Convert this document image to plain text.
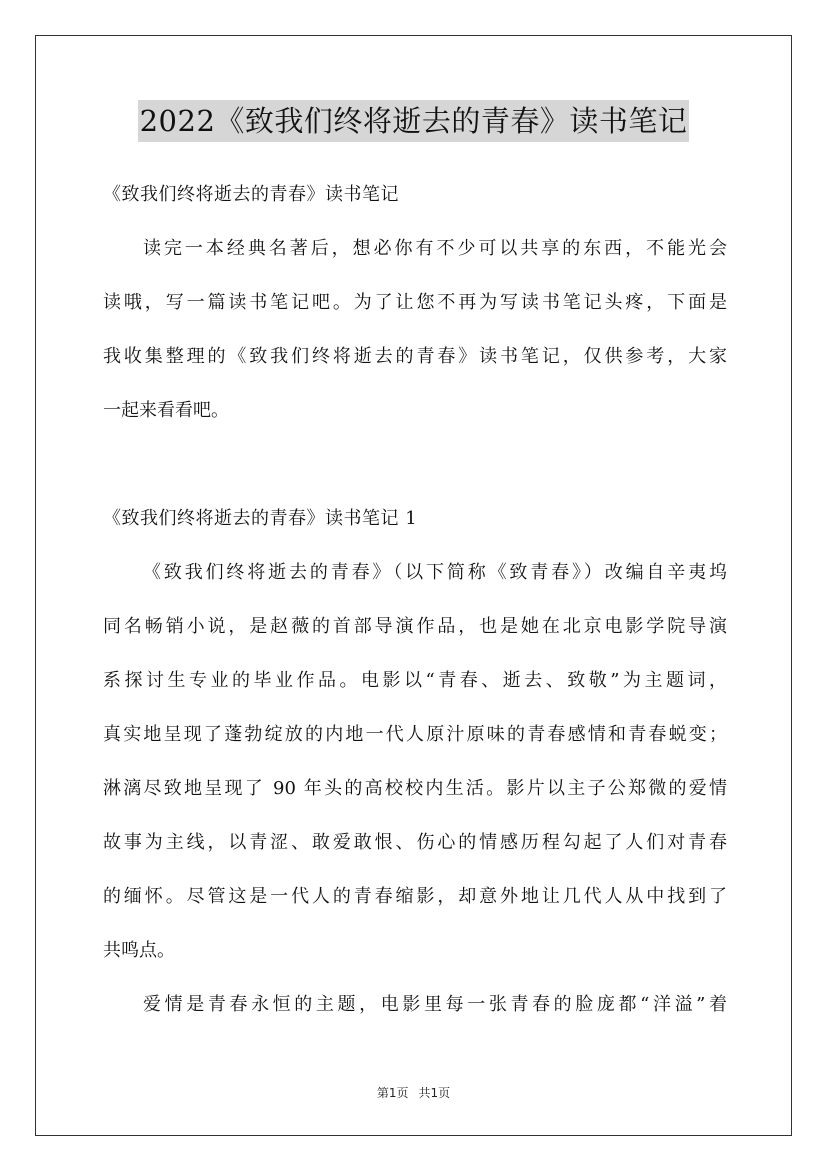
2022《致我们终将逝去的青春》读书笔记
《致我们终将逝去的青春》读书笔记
读完一本经典名著后，想必你有不少可以共享的东西，不能光会
读哦，写一篇读书笔记吧。为了让您不再为写读书笔记头疼，下面是
我收集整理的《致我们终将逝去的青春》读书笔记，仅供参考，大家
一起来看看吧。
《致我们终将逝去的青春》读书笔记 1
《致我们终将逝去的青春》（以下简称《致青春》）改编自辛夷坞
同名畅销小说，是赵薇的首部导演作品，也是她在北京电影学院导演
系探讨生专业的毕业作品。电影以“青春、逝去、致敬”为主题词，
真实地呈现了蓬勃绽放的内地一代人原汁原味的青春感情和青春蜕变；
淋漓尽致地呈现了 90 年头的高校校内生活。影片以主子公郑微的爱情
故事为主线，以青涩、敢爱敢恨、伤心的情感历程勾起了人们对青春
的缅怀。尽管这是一代人的青春缩影，却意外地让几代人从中找到了
共鸣点。
爱情是青春永恒的主题，电影里每一张青春的脸庞都“洋溢”着
第1页 共1页
